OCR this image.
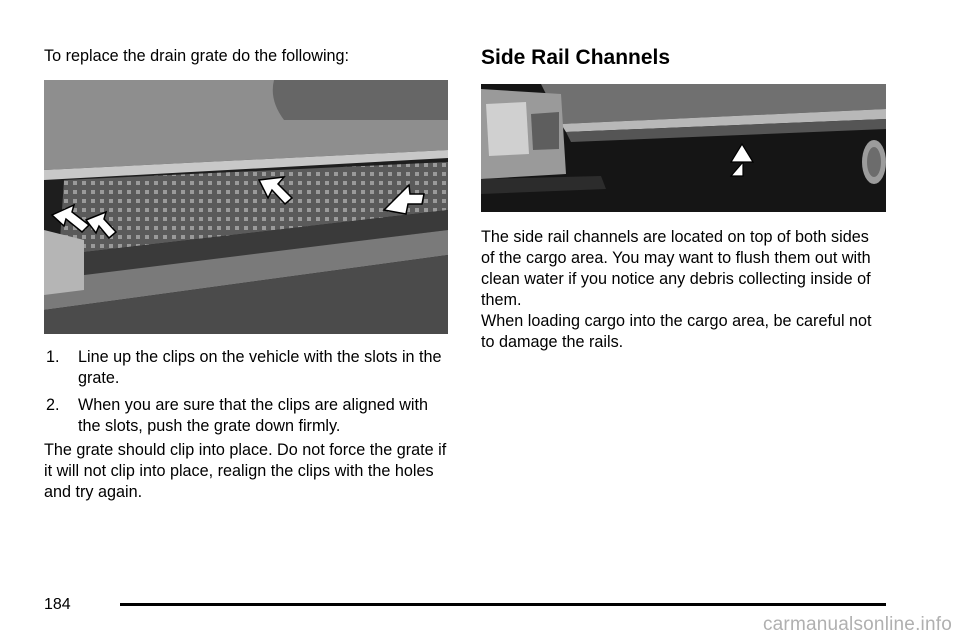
To replace the drain grate do the following:

1. Line up the clips on the vehicle with the slots in the grate.
2. When you are sure that the clips are aligned with the slots, push the grate down firmly.

The grate should clip into place. Do not force the grate if it will not clip into place, realign the clips with the holes and try again.

Side Rail Channels

The side rail channels are located on top of both sides of the cargo area. You may want to flush them out with clean water if you notice any debris collecting inside of them.

When loading cargo into the cargo area, be careful not to damage the rails.

184
carmanualsonline.info
